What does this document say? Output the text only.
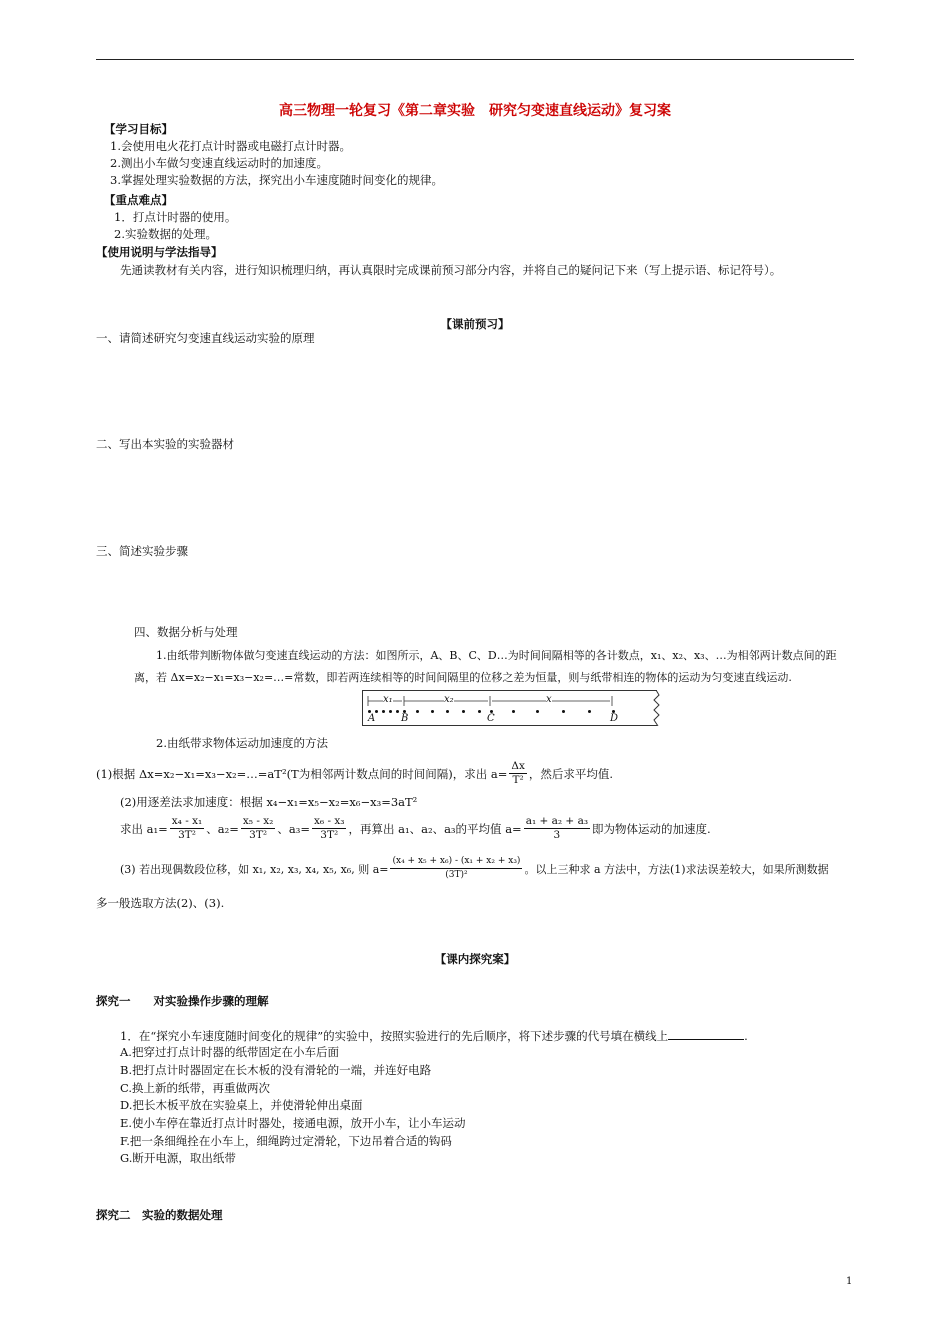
高三物理一轮复习《第二章实验　研究匀变速直线运动》复习案
【学习目标】
1.会使用电火花打点计时器或电磁打点计时器。
2.测出小车做匀变速直线运动时的加速度。
3.掌握处理实验数据的方法，探究出小车速度随时间变化的规律。
【重点难点】
1．打点计时器的使用。
2.实验数据的处理。
【使用说明与学法指导】
先通读教材有关内容，进行知识梳理归纳，再认真限时完成课前预习部分内容，并将自己的疑问记下来（写上提示语、标记符号）。
【课前预习】
一、请简述研究匀变速直线运动实验的原理
二、写出本实验的实验器材
三、简述实验步骤
四、数据分析与处理
1.由纸带判断物体做匀变速直线运动的方法：如图所示，A、B、C、D…为时间间隔相等的各计数点，x₁、x₂、x₃、…为相邻两计数点间的距
离，若 Δx=x₂−x₁=x₃−x₂=…=常数，即若两连续相等的时间间隔里的位移之差为恒量，则与纸带相连的物体的运动为匀变速直线运动.
A	B	C	D
x₁	x₂	x
2.由纸带求物体运动加速度的方法
(1)根据 Δx=x₂−x₁=x₃−x₂=…=aT²(T为相邻两计数点间的时间间隔)，求出 $a= \frac{\Delta x}{\text{T²}}$ ，然后求平均值.
(2)用逐差法求加速度：根据 x₄−x₁=x₅−x₂=x₆−x₃=3aT²
求出 $a_1= \frac{\text{x₄ - x₁}}{\text{3T²}}$ 、$a_2= \frac{\text{x₅ - x₂}}{\text{3T²}}$ 、$a_3= \frac{\text{x₆ - x₃}}{\text{3T²}}$ ，再算出 a₁、a₂、a₃的平均值 $a= \frac{\text{a₁ + a₂ + a₃}}{3}$ 即为物体运动的加速度.
(3) 若出现偶数段位移，如 x₁, x₂, x₃, x₄, x₅, x₆, 则 $a= \frac{\text{(x₄ + x₅ + x₆) - (x₁ + x₂ + x₃)}}{\text{(3T)²}}$ 。以上三种求 a 方法中，方法(1)求法误差较大，如果所测数据
多一般选取方法(2)、(3).
【课内探究案】
探究一　　对实验操作步骤的理解
1．在“探究小车速度随时间变化的规律”的实验中，按照实验进行的先后顺序，将下述步骤的代号填在横线上	.
A.把穿过打点计时器的纸带固定在小车后面
B.把打点计时器固定在长木板的没有滑轮的一端，并连好电路
C.换上新的纸带，再重做两次
D.把长木板平放在实验桌上，并使滑轮伸出桌面
E.使小车停在靠近打点计时器处，接通电源，放开小车，让小车运动
F.把一条细绳拴在小车上，细绳跨过定滑轮，下边吊着合适的钩码
G.断开电源，取出纸带
探究二　实验的数据处理
1
